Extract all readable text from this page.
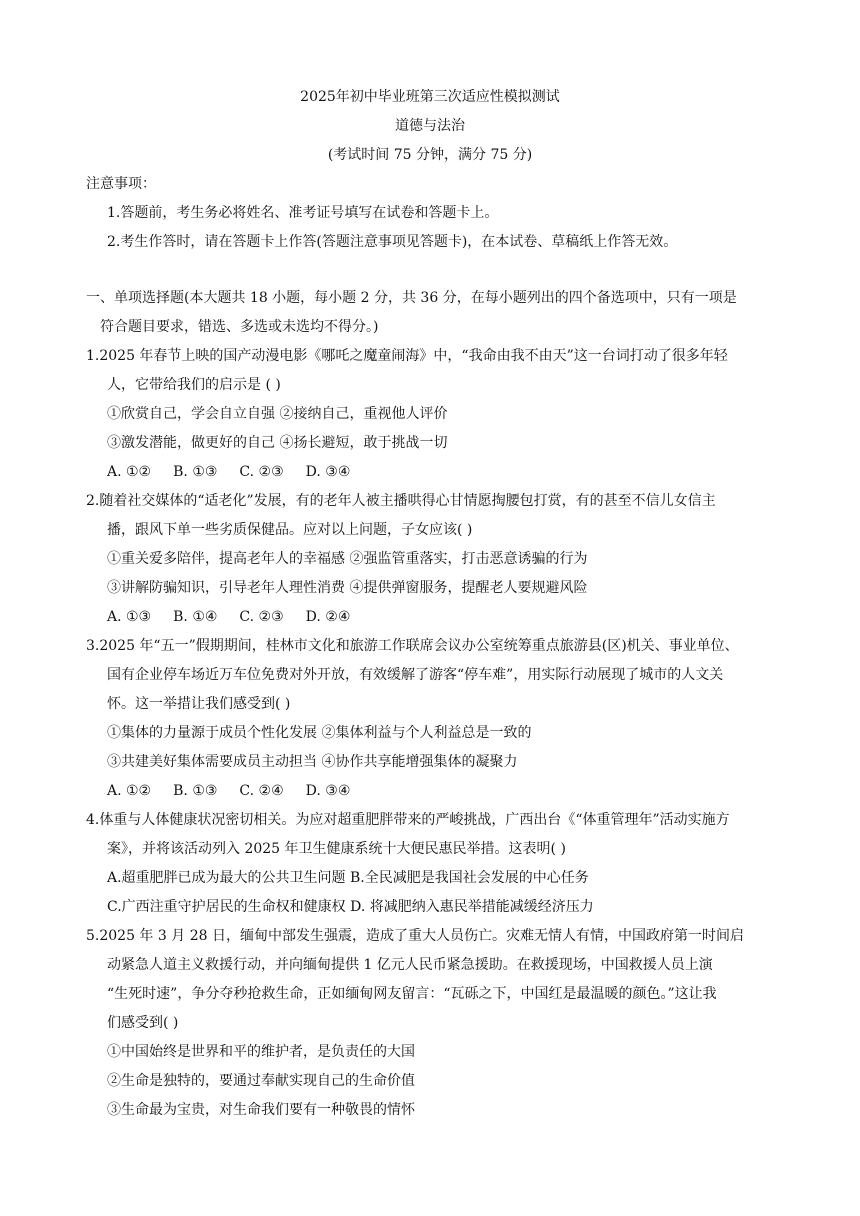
2025年初中毕业班第三次适应性模拟测试
道德与法治
(考试时间 75 分钟，满分 75 分)
注意事项：
1.答题前，考生务必将姓名、准考证号填写在试卷和答题卡上。
2.考生作答时，请在答题卡上作答(答题注意事项见答题卡)，在本试卷、草稿纸上作答无效。
一、单项选择题(本大题共 18 小题，每小题 2 分，共 36 分，在每小题列出的四个备选项中，只有一项是
符合题目要求，错选、多选或未选均不得分。)
1.2025 年春节上映的国产动漫电影《哪吒之魔童闹海》中，“我命由我不由天”这一台词打动了很多年轻
人，它带给我们的启示是 ( )
①欣赏自己，学会自立自强 ②接纳自己，重视他人评价
③激发潜能，做更好的自己 ④扬长避短，敢于挑战一切
A. ①② B. ①③ C. ②③ D. ③④
2.随着社交媒体的“适老化”发展，有的老年人被主播哄得心甘情愿掏腰包打赏，有的甚至不信儿女信主
播，跟风下单一些劣质保健品。应对以上问题，子女应该( )
①重关爱多陪伴，提高老年人的幸福感 ②强监管重落实，打击恶意诱骗的行为
③讲解防骗知识，引导老年人理性消费 ④提供弹窗服务，提醒老人要规避风险
A. ①③ B. ①④ C. ②③ D. ②④
3.2025 年“五一”假期期间，桂林市文化和旅游工作联席会议办公室统筹重点旅游县(区)机关、事业单位、
国有企业停车场近万车位免费对外开放，有效缓解了游客“停车难”，用实际行动展现了城市的人文关
怀。这一举措让我们感受到( )
①集体的力量源于成员个性化发展 ②集体利益与个人利益总是一致的
③共建美好集体需要成员主动担当 ④协作共享能增强集体的凝聚力
A. ①② B. ①③ C. ②④ D. ③④
4.体重与人体健康状况密切相关。为应对超重肥胖带来的严峻挑战，广西出台《“体重管理年”活动实施方
案》，并将该活动列入 2025 年卫生健康系统十大便民惠民举措。这表明( )
A.超重肥胖已成为最大的公共卫生问题 B.全民减肥是我国社会发展的中心任务
C.广西注重守护居民的生命权和健康权 D. 将减肥纳入惠民举措能减缓经济压力
5.2025 年 3 月 28 日，缅甸中部发生强震，造成了重大人员伤亡。灾难无情人有情，中国政府第一时间启
动紧急人道主义救援行动，并向缅甸提供 1 亿元人民币紧急援助。在救援现场，中国救援人员上演
“生死时速”，争分夺秒抢救生命，正如缅甸网友留言：“瓦砾之下，中国红是最温暖的颜色。”这让我
们感受到( )
①中国始终是世界和平的维护者，是负责任的大国
②生命是独特的，要通过奉献实现自己的生命价值
③生命最为宝贵，对生命我们要有一种敬畏的情怀
